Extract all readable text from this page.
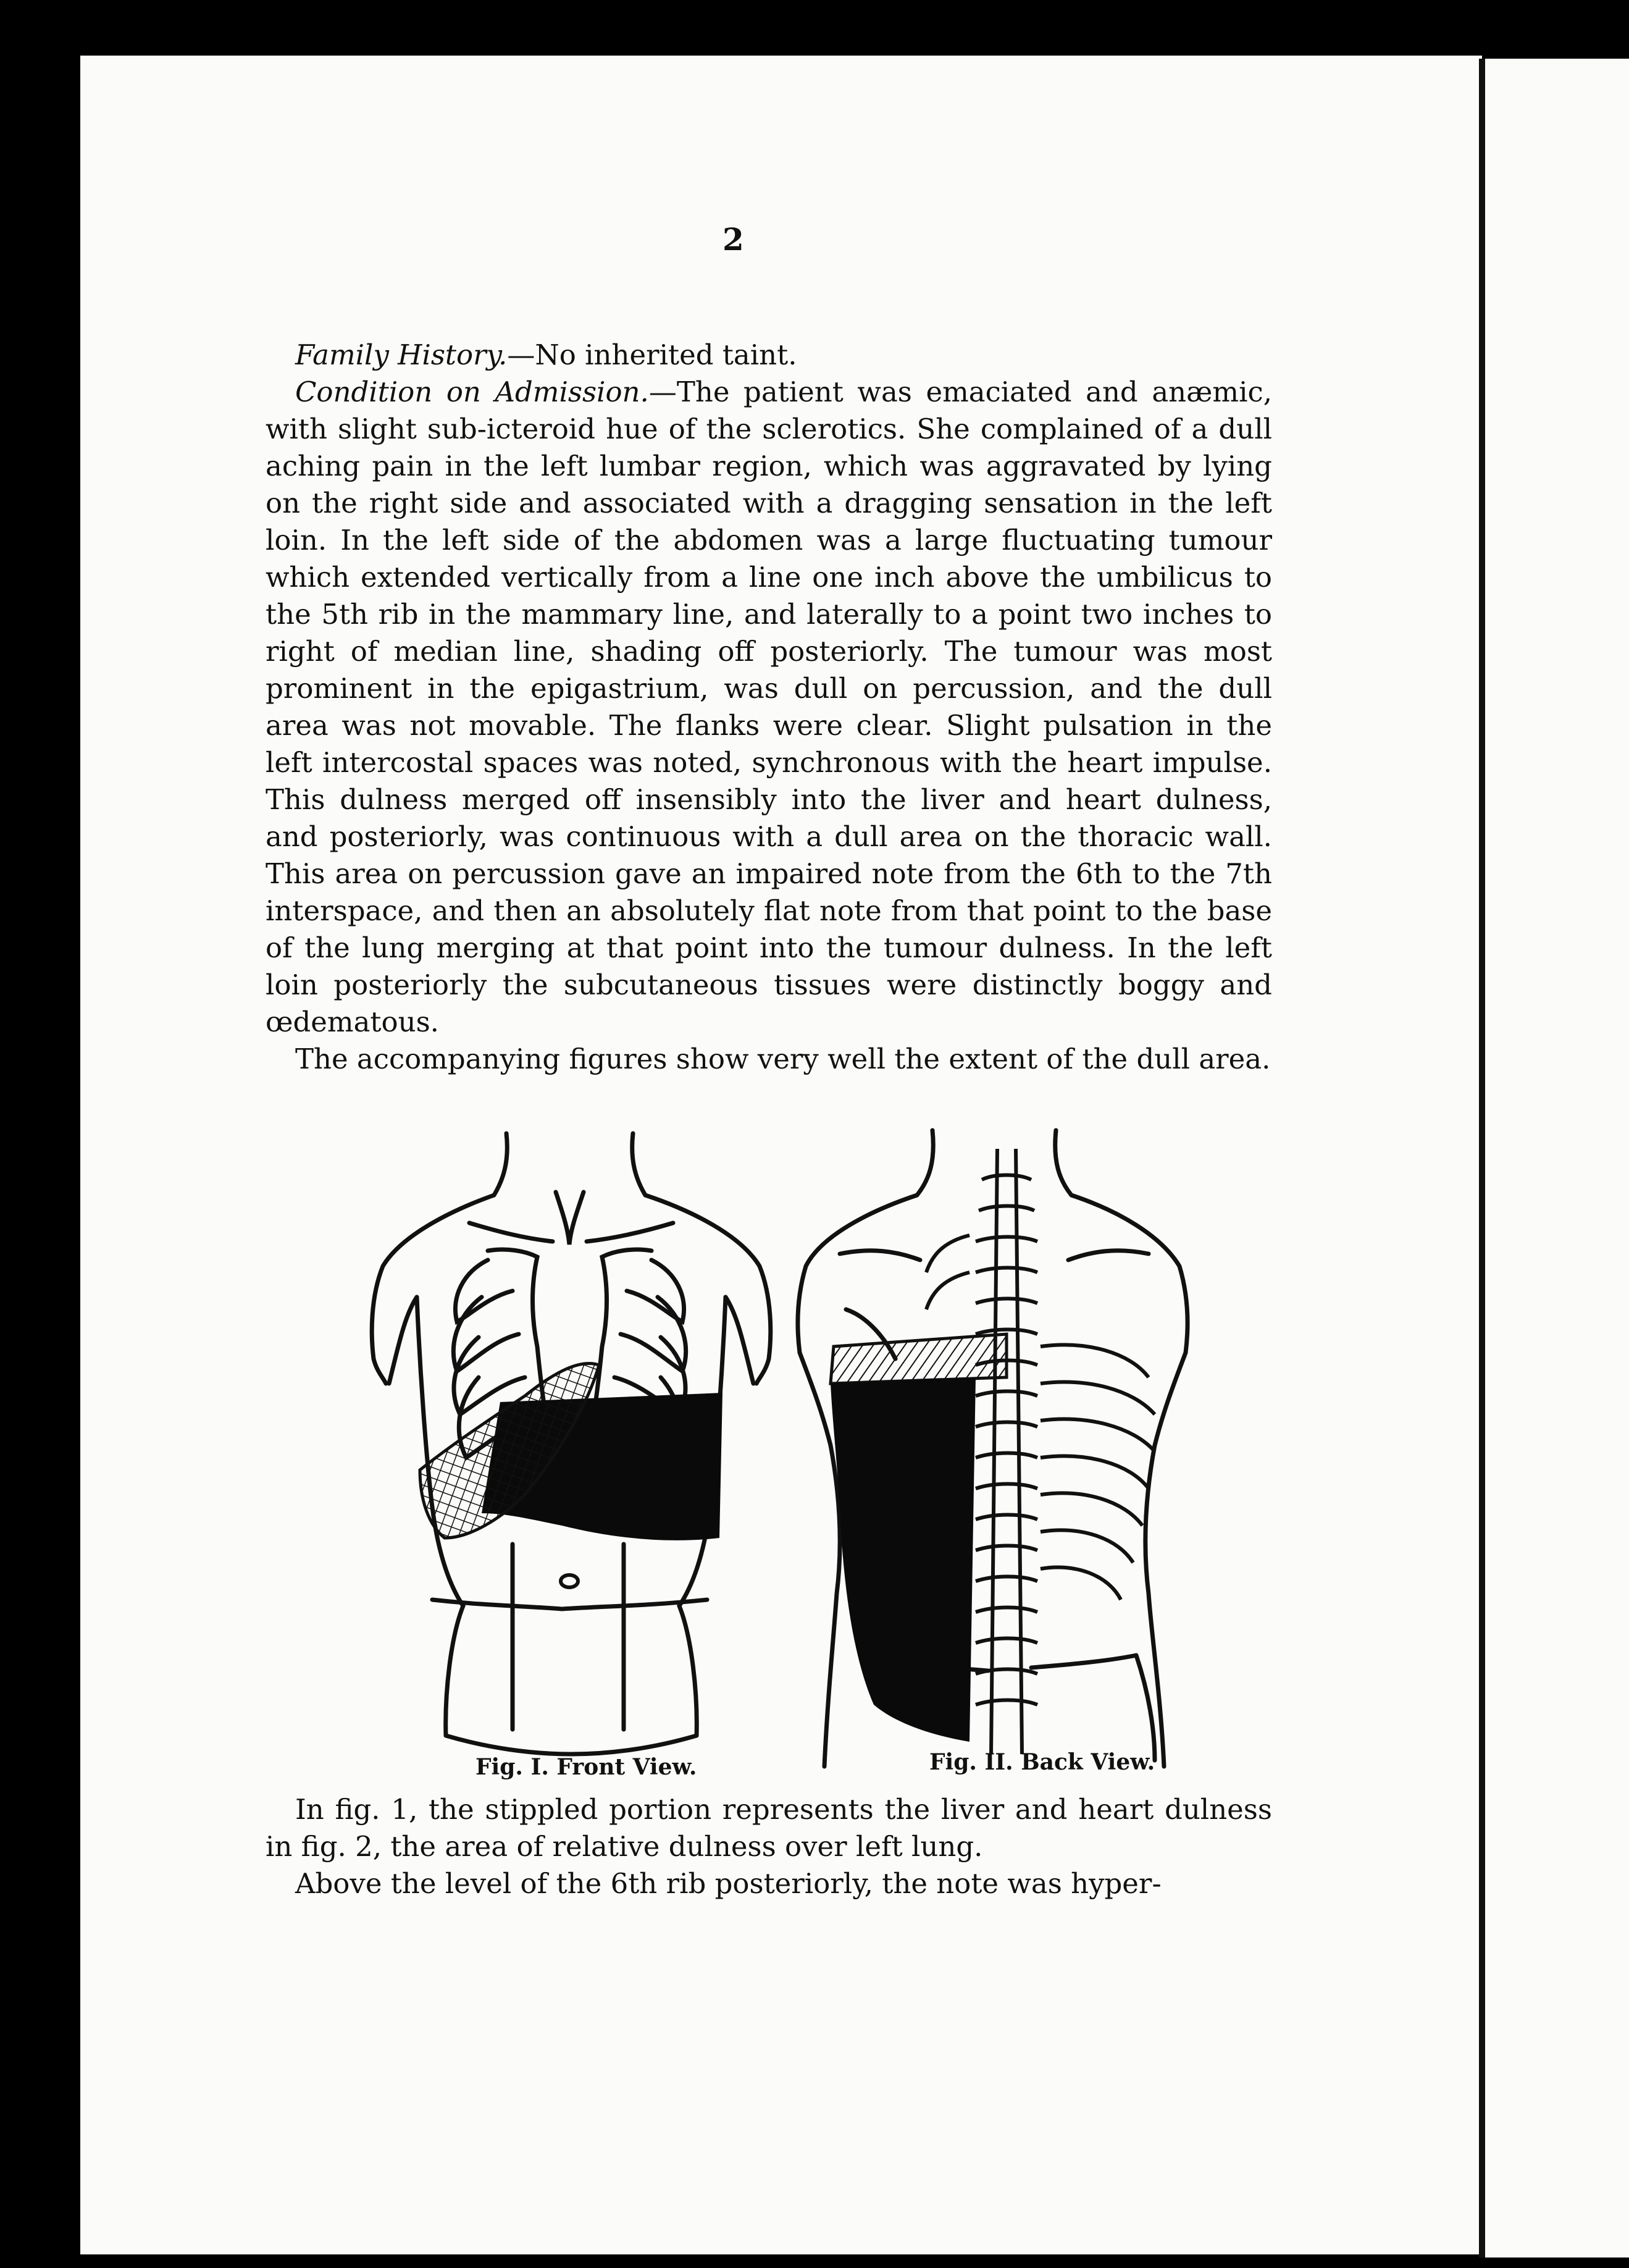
2

Family History.—No inherited taint.

Condition on Admission.—The patient was emaciated and anæmic, with slight sub-icteroid hue of the sclerotics. She complained of a dull aching pain in the left lumbar region, which was aggravated by lying on the right side and associated with a dragging sensation in the left loin. In the left side of the abdomen was a large fluctuating tumour which extended vertically from a line one inch above the umbilicus to the 5th rib in the mammary line, and laterally to a point two inches to right of median line, shading off posteriorly. The tumour was most prominent in the epigastrium, was dull on percussion, and the dull area was not movable. The flanks were clear. Slight pulsation in the left intercostal spaces was noted, synchronous with the heart impulse. This dulness merged off insensibly into the liver and heart dulness, and posteriorly, was continuous with a dull area on the thoracic wall. This area on percussion gave an impaired note from the 6th to the 7th interspace, and then an absolutely flat note from that point to the base of the lung merging at that point into the tumour dulness. In the left loin posteriorly the subcutaneous tissues were distinctly boggy and œdematous.

The accompanying figures show very well the extent of the dull area.

Fig. I. Front View.	Fig. II. Back View.

In fig. 1, the stippled portion represents the liver and heart dulness in fig. 2, the area of relative dulness over left lung.

Above the level of the 6th rib posteriorly, the note was hyper-
